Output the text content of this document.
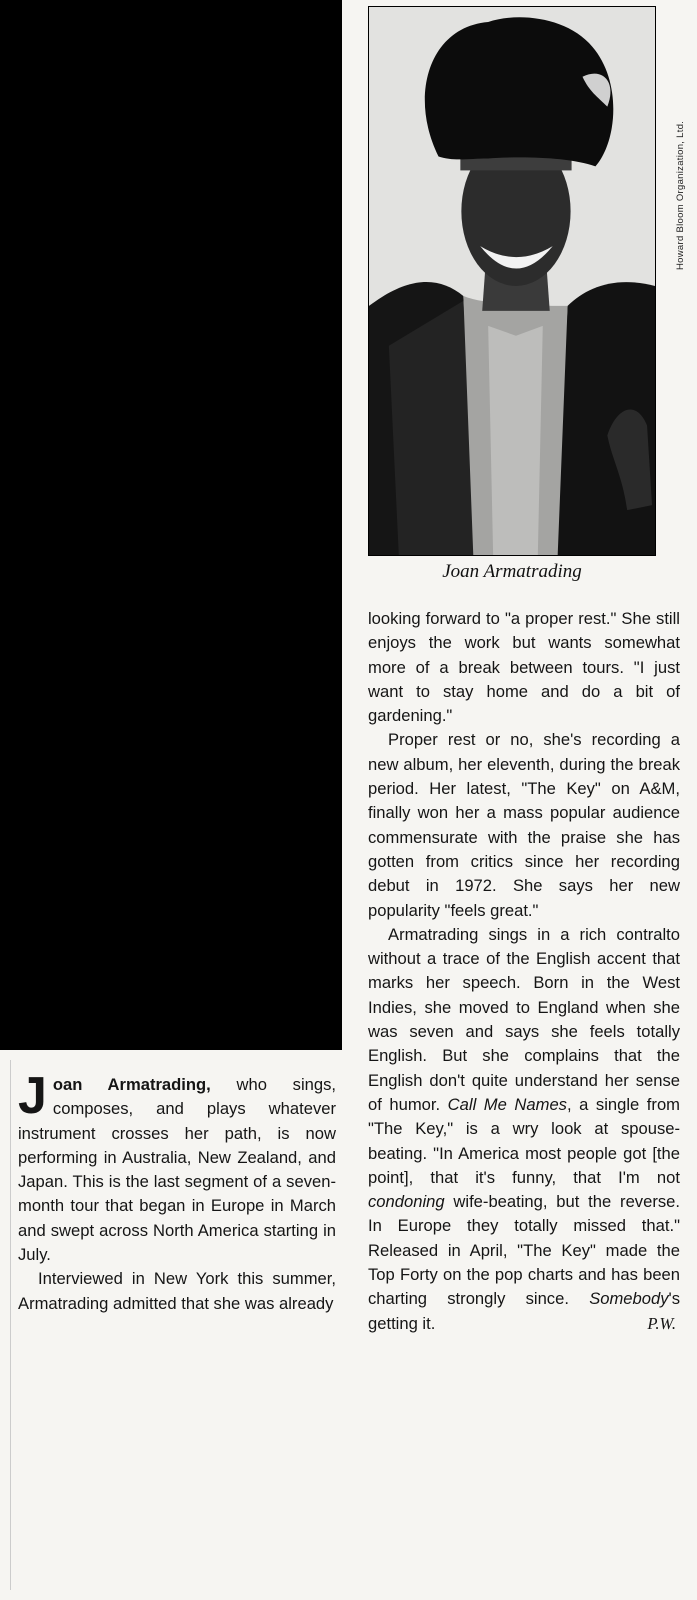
Howard Bloom Organization, Ltd.
Joan Armatrading

looking forward to "a proper rest." She still enjoys the work but wants somewhat more of a break between tours. "I just want to stay home and do a bit of gardening."

Proper rest or no, she's recording a new album, her eleventh, during the break period. Her latest, "The Key" on A&M, finally won her a mass popular audience commensurate with the praise she has gotten from critics since her recording debut in 1972. She says her new popularity "feels great."

Armatrading sings in a rich contralto without a trace of the English accent that marks her speech. Born in the West Indies, she moved to England when she was seven and says she feels totally English. But she complains that the English don't quite understand her sense of humor. Call Me Names, a single from "The Key," is a wry look at spouse-beating. "In America most people got [the point], that it's funny, that I'm not condoning wife-beating, but the reverse. In Europe they totally missed that." Released in April, "The Key" made the Top Forty on the pop charts and has been charting strongly since. Somebody's getting it.	P.W.

Joan Armatrading, who sings, composes, and plays whatever instrument crosses her path, is now performing in Australia, New Zealand, and Japan. This is the last segment of a seven-month tour that began in Europe in March and swept across North America starting in July.

Interviewed in New York this summer, Armatrading admitted that she was already
